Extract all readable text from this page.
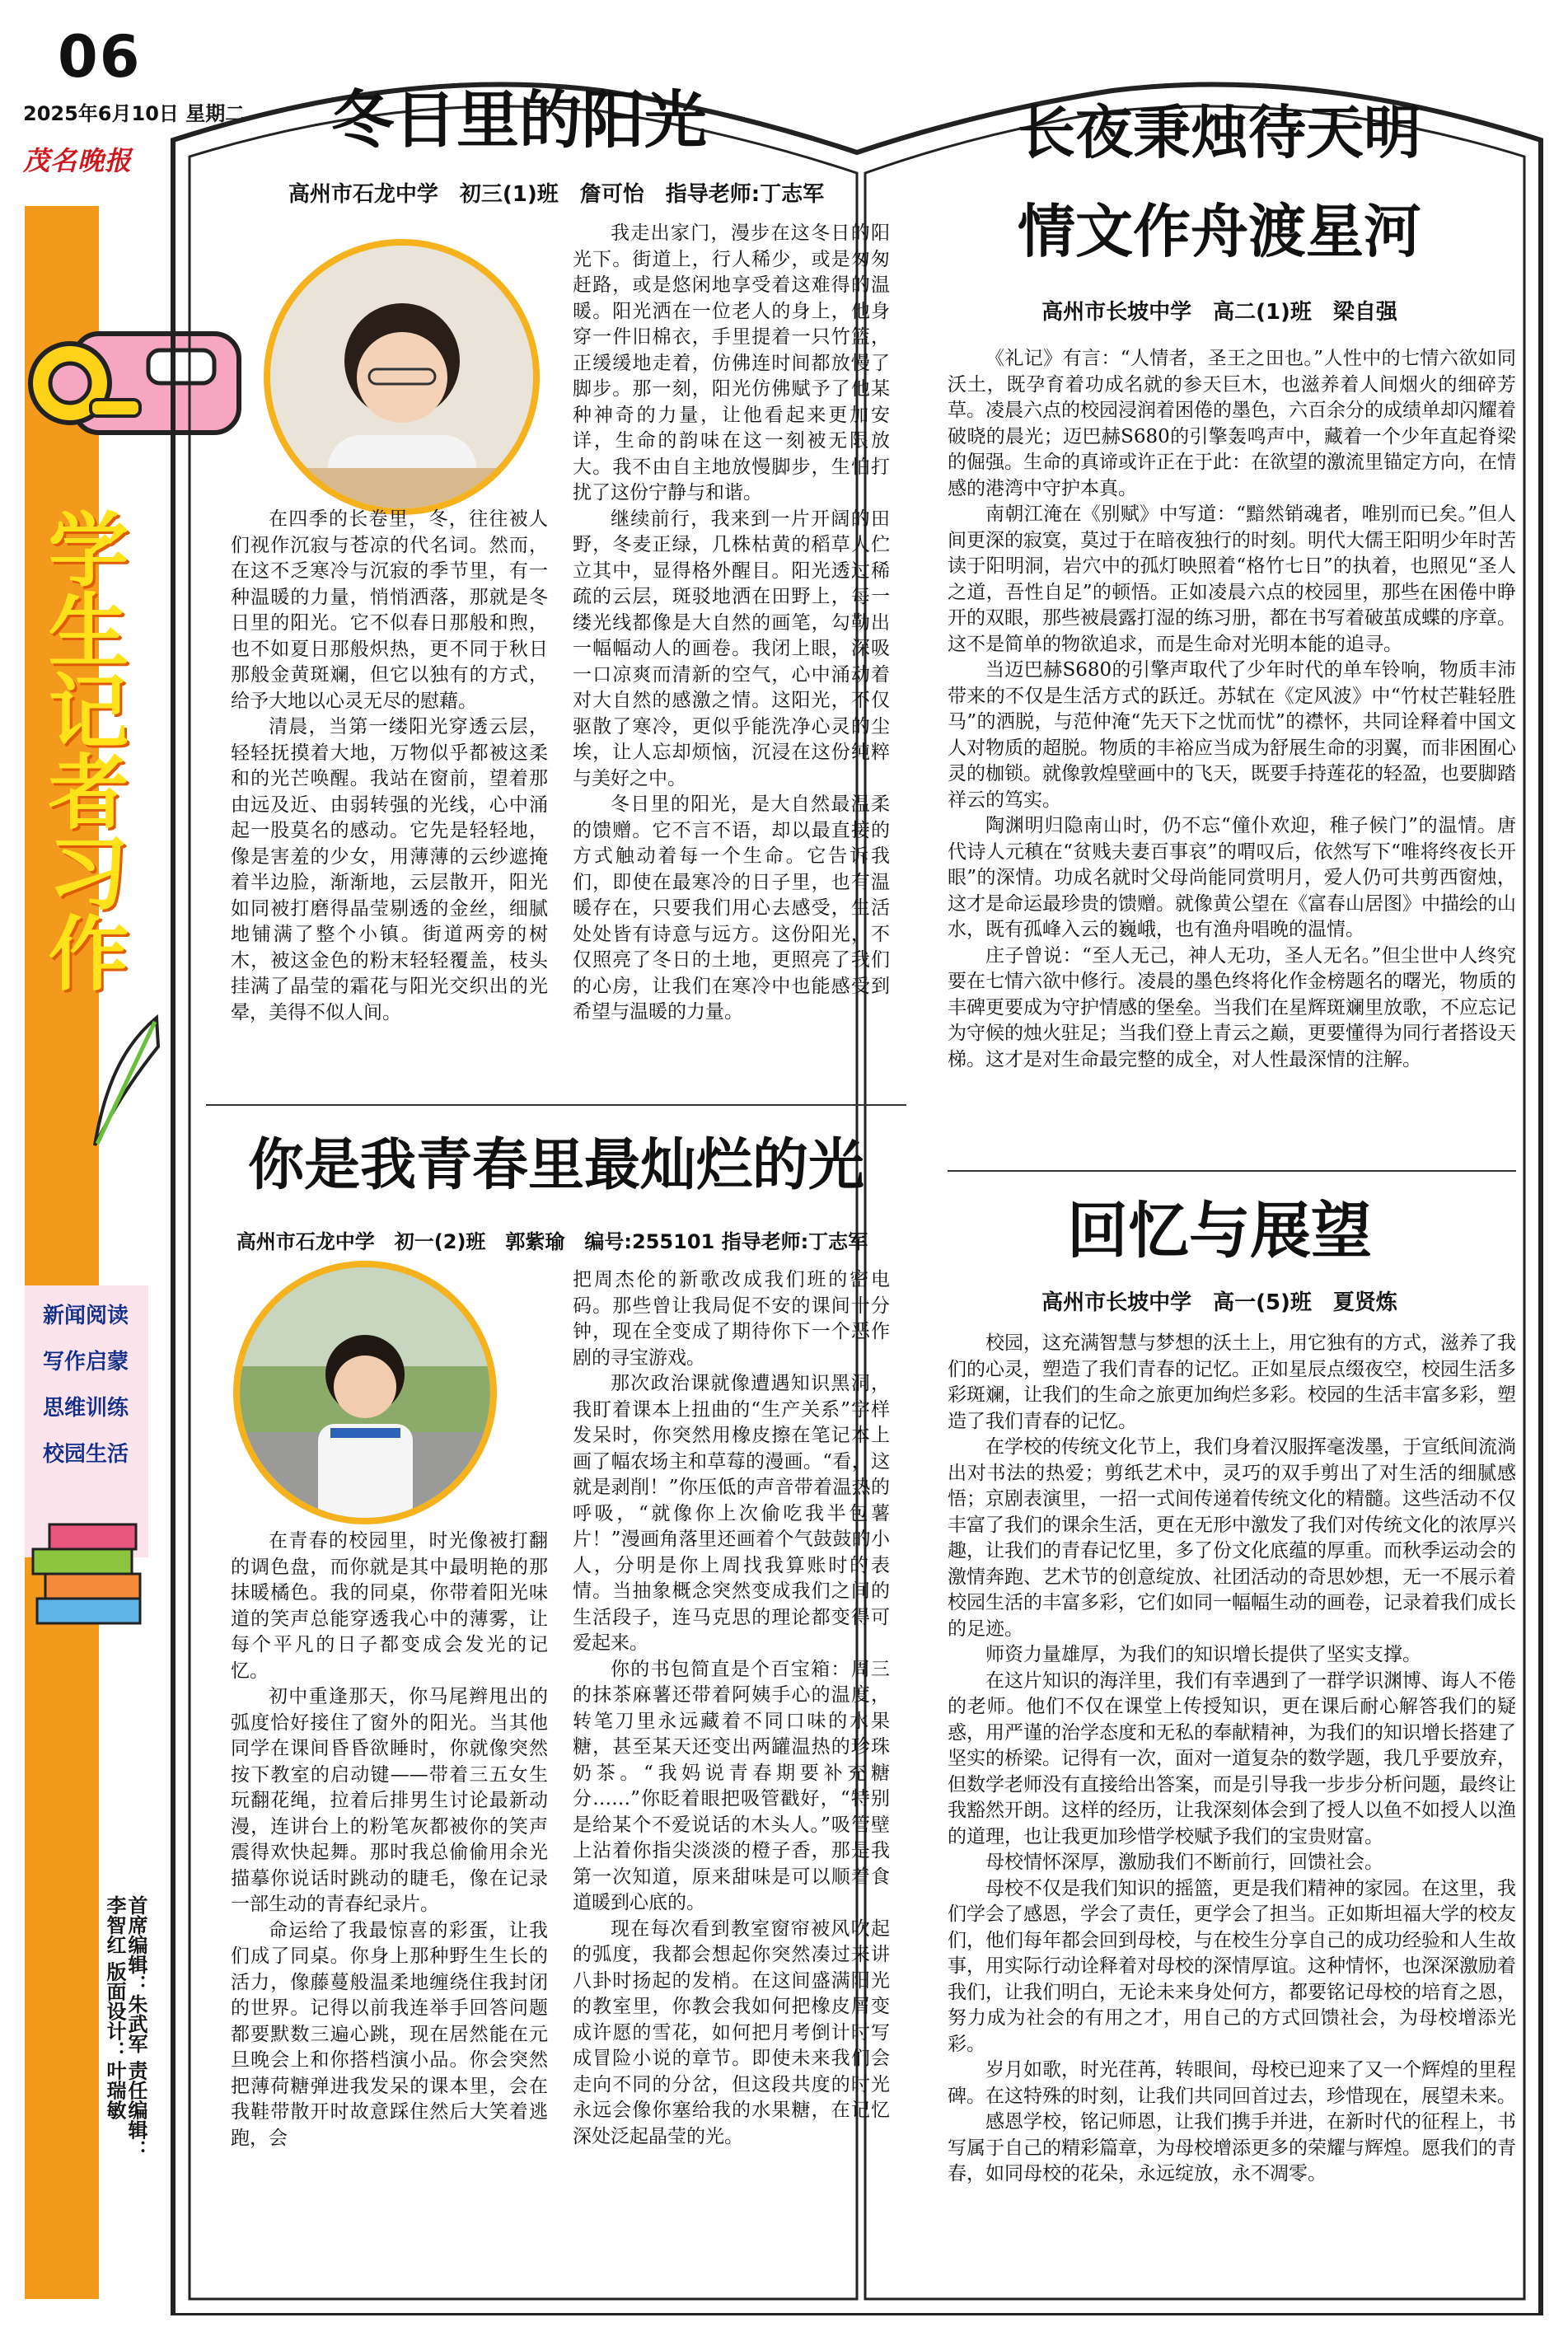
06
2025年6月10日 星期二
茂名晚报
学生记者习作
新闻阅读
写作启蒙
思维训练
校园生活
首席编辑：朱武军 责任编辑：李智红 版面设计：叶瑞敏
冬日里的阳光
高州市石龙中学　初三(1)班　詹可怡　指导老师:丁志军

在四季的长卷里，冬，往往被人们视作沉寂与苍凉的代名词。然而，在这不乏寒冷与沉寂的季节里，有一种温暖的力量，悄悄洒落，那就是冬日里的阳光。它不似春日那般和煦，也不如夏日那般炽热，更不同于秋日那般金黄斑斓，但它以独有的方式，给予大地以心灵无尽的慰藉。

清晨，当第一缕阳光穿透云层，轻轻抚摸着大地，万物似乎都被这柔和的光芒唤醒。我站在窗前，望着那由远及近、由弱转强的光线，心中涌起一股莫名的感动。它先是轻轻地，像是害羞的少女，用薄薄的云纱遮掩着半边脸，渐渐地，云层散开，阳光如同被打磨得晶莹剔透的金丝，细腻地铺满了整个小镇。街道两旁的树木，被这金色的粉末轻轻覆盖，枝头挂满了晶莹的霜花与阳光交织出的光晕，美得不似人间。

我走出家门，漫步在这冬日的阳光下。街道上，行人稀少，或是匆匆赶路，或是悠闲地享受着这难得的温暖。阳光洒在一位老人的身上，他身穿一件旧棉衣，手里提着一只竹篮，正缓缓地走着，仿佛连时间都放慢了脚步。那一刻，阳光仿佛赋予了他某种神奇的力量，让他看起来更加安详，生命的韵味在这一刻被无限放大。我不由自主地放慢脚步，生怕打扰了这份宁静与和谐。

继续前行，我来到一片开阔的田野，冬麦正绿，几株枯黄的稻草人伫立其中，显得格外醒目。阳光透过稀疏的云层，斑驳地洒在田野上，每一缕光线都像是大自然的画笔，勾勒出一幅幅动人的画卷。我闭上眼，深吸一口凉爽而清新的空气，心中涌动着对大自然的感激之情。这阳光，不仅驱散了寒冷，更似乎能洗净心灵的尘埃，让人忘却烦恼，沉浸在这份纯粹与美好之中。

冬日里的阳光，是大自然最温柔的馈赠。它不言不语，却以最直接的方式触动着每一个生命。它告诉我们，即使在最寒冷的日子里，也有温暖存在，只要我们用心去感受，生活处处皆有诗意与远方。这份阳光，不仅照亮了冬日的土地，更照亮了我们的心房，让我们在寒冷中也能感受到希望与温暖的力量。

你是我青春里最灿烂的光
高州市石龙中学　初一(2)班　郭紫瑜　编号:255101 指导老师:丁志军

在青春的校园里，时光像被打翻的调色盘，而你就是其中最明艳的那抹暖橘色。我的同桌，你带着阳光味道的笑声总能穿透我心中的薄雾，让每个平凡的日子都变成会发光的记忆。

初中重逢那天，你马尾辫甩出的弧度恰好接住了窗外的阳光。当其他同学在课间昏昏欲睡时，你就像突然按下教室的启动键——带着三五女生玩翻花绳，拉着后排男生讨论最新动漫，连讲台上的粉笔灰都被你的笑声震得欢快起舞。那时我总偷偷用余光描摹你说话时跳动的睫毛，像在记录一部生动的青春纪录片。

命运给了我最惊喜的彩蛋，让我们成了同桌。你身上那种野生生长的活力，像藤蔓般温柔地缠绕住我封闭的世界。记得以前我连举手回答问题都要默数三遍心跳，现在居然能在元旦晚会上和你搭档演小品。你会突然把薄荷糖弹进我发呆的课本里，会在我鞋带散开时故意踩住然后大笑着逃跑，会

把周杰伦的新歌改成我们班的密电码。那些曾让我局促不安的课间十分钟，现在全变成了期待你下一个恶作剧的寻宝游戏。

那次政治课就像遭遇知识黑洞，我盯着课本上扭曲的“生产关系”字样发呆时，你突然用橡皮擦在笔记本上画了幅农场主和草莓的漫画。“看，这就是剥削！”你压低的声音带着温热的呼吸，“就像你上次偷吃我半包薯片！”漫画角落里还画着个气鼓鼓的小人，分明是你上周找我算账时的表情。当抽象概念突然变成我们之间的生活段子，连马克思的理论都变得可爱起来。

你的书包简直是个百宝箱：周三的抹茶麻薯还带着阿姨手心的温度，转笔刀里永远藏着不同口味的水果糖，甚至某天还变出两罐温热的珍珠奶茶。“我妈说青春期要补充糖分……”你眨着眼把吸管戳好，“特别是给某个不爱说话的木头人。”吸管壁上沾着你指尖淡淡的橙子香，那是我第一次知道，原来甜味是可以顺着食道暖到心底的。

现在每次看到教室窗帘被风吹起的弧度，我都会想起你突然凑过来讲八卦时扬起的发梢。在这间盛满阳光的教室里，你教会我如何把橡皮屑变成许愿的雪花，如何把月考倒计时写成冒险小说的章节。即使未来我们会走向不同的分岔，但这段共度的时光永远会像你塞给我的水果糖，在记忆深处泛起晶莹的光。

长夜秉烛待天明
情文作舟渡星河
高州市长坡中学　高二(1)班　梁自强

《礼记》有言：“人情者，圣王之田也。”人性中的七情六欲如同沃土，既孕育着功成名就的参天巨木，也滋养着人间烟火的细碎芳草。凌晨六点的校园浸润着困倦的墨色，六百余分的成绩单却闪耀着破晓的晨光；迈巴赫S680的引擎轰鸣声中，藏着一个少年直起脊梁的倔强。生命的真谛或许正在于此：在欲望的激流里锚定方向，在情感的港湾中守护本真。

南朝江淹在《别赋》中写道：“黯然销魂者，唯别而已矣。”但人间更深的寂寞，莫过于在暗夜独行的时刻。明代大儒王阳明少年时苦读于阳明洞，岩穴中的孤灯映照着“格竹七日”的执着，也照见“圣人之道，吾性自足”的顿悟。正如凌晨六点的校园里，那些在困倦中睁开的双眼，那些被晨露打湿的练习册，都在书写着破茧成蝶的序章。这不是简单的物欲追求，而是生命对光明本能的追寻。

当迈巴赫S680的引擎声取代了少年时代的单车铃响，物质丰沛带来的不仅是生活方式的跃迁。苏轼在《定风波》中“竹杖芒鞋轻胜马”的洒脱，与范仲淹“先天下之忧而忧”的襟怀，共同诠释着中国文人对物质的超脱。物质的丰裕应当成为舒展生命的羽翼，而非困囿心灵的枷锁。就像敦煌壁画中的飞天，既要手持莲花的轻盈，也要脚踏祥云的笃实。

陶渊明归隐南山时，仍不忘“僮仆欢迎，稚子候门”的温情。唐代诗人元稹在“贫贱夫妻百事哀”的喟叹后，依然写下“唯将终夜长开眼”的深情。功成名就时父母尚能同赏明月，爱人仍可共剪西窗烛，这才是命运最珍贵的馈赠。就像黄公望在《富春山居图》中描绘的山水，既有孤峰入云的巍峨，也有渔舟唱晚的温情。

庄子曾说：“至人无己，神人无功，圣人无名。”但尘世中人终究要在七情六欲中修行。凌晨的墨色终将化作金榜题名的曙光，物质的丰碑更要成为守护情感的堡垒。当我们在星辉斑斓里放歌，不应忘记为守候的烛火驻足；当我们登上青云之巅，更要懂得为同行者搭设天梯。这才是对生命最完整的成全，对人性最深情的注解。

回忆与展望
高州市长坡中学　高一(5)班　夏贤炼

校园，这充满智慧与梦想的沃土上，用它独有的方式，滋养了我们的心灵，塑造了我们青春的记忆。正如星辰点缀夜空，校园生活多彩斑斓，让我们的生命之旅更加绚烂多彩。校园的生活丰富多彩，塑造了我们青春的记忆。

在学校的传统文化节上，我们身着汉服挥毫泼墨，于宣纸间流淌出对书法的热爱；剪纸艺术中，灵巧的双手剪出了对生活的细腻感悟；京剧表演里，一招一式间传递着传统文化的精髓。这些活动不仅丰富了我们的课余生活，更在无形中激发了我们对传统文化的浓厚兴趣，让我们的青春记忆里，多了份文化底蕴的厚重。而秋季运动会的激情奔跑、艺术节的创意绽放、社团活动的奇思妙想，无一不展示着校园生活的丰富多彩，它们如同一幅幅生动的画卷，记录着我们成长的足迹。

师资力量雄厚，为我们的知识增长提供了坚实支撑。

在这片知识的海洋里，我们有幸遇到了一群学识渊博、诲人不倦的老师。他们不仅在课堂上传授知识，更在课后耐心解答我们的疑惑，用严谨的治学态度和无私的奉献精神，为我们的知识增长搭建了坚实的桥梁。记得有一次，面对一道复杂的数学题，我几乎要放弃，但数学老师没有直接给出答案，而是引导我一步步分析问题，最终让我豁然开朗。这样的经历，让我深刻体会到了授人以鱼不如授人以渔的道理，也让我更加珍惜学校赋予我们的宝贵财富。

母校情怀深厚，激励我们不断前行，回馈社会。

母校不仅是我们知识的摇篮，更是我们精神的家园。在这里，我们学会了感恩，学会了责任，更学会了担当。正如斯坦福大学的校友们，他们每年都会回到母校，与在校生分享自己的成功经验和人生故事，用实际行动诠释着对母校的深情厚谊。这种情怀，也深深激励着我们，让我们明白，无论未来身处何方，都要铭记母校的培育之恩，努力成为社会的有用之才，用自己的方式回馈社会，为母校增添光彩。

岁月如歌，时光荏苒，转眼间，母校已迎来了又一个辉煌的里程碑。在这特殊的时刻，让我们共同回首过去，珍惜现在，展望未来。

感恩学校，铭记师恩，让我们携手并进，在新时代的征程上，书写属于自己的精彩篇章，为母校增添更多的荣耀与辉煌。愿我们的青春，如同母校的花朵，永远绽放，永不凋零。
